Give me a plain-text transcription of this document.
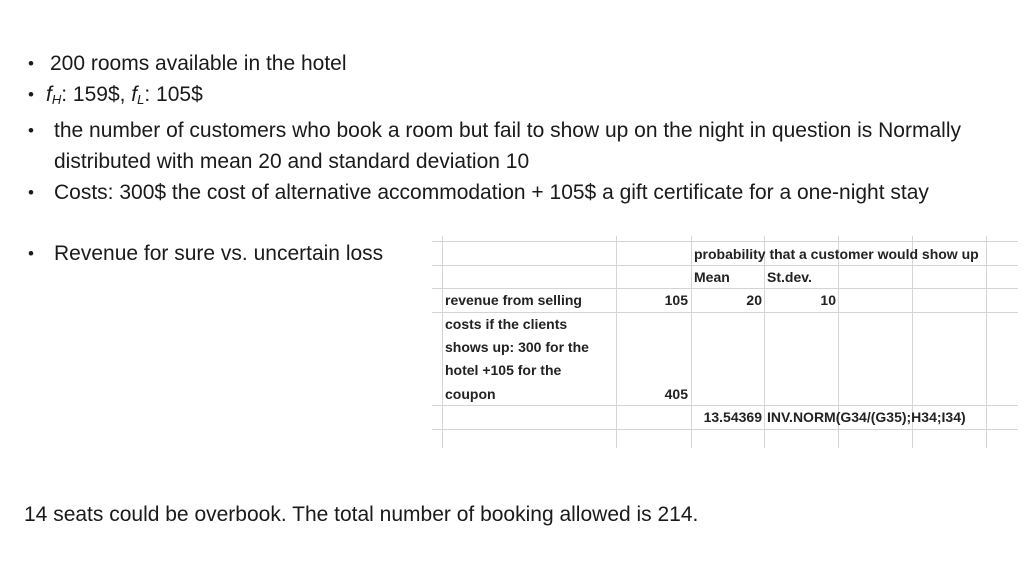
• 200 rooms available in the hotel
• fH: 159$, fL: 105$
• the number of customers who book a room but fail to show up on the night in question is Normally distributed with mean 20 and standard deviation 10
• Costs: 300$ the cost of alternative accommodation + 105$ a gift certificate for a one-night stay
• Revenue for sure vs. uncertain loss	probability that a customer would show up
Mean	St.dev.
revenue from selling	105	20	10
costs if the clients
shows up: 300 for the
hotel +105 for the
coupon	405
13.54369 INV.NORM(G34/(G35);H34;I34)
14 seats could be overbook. The total number of booking allowed is 214.
